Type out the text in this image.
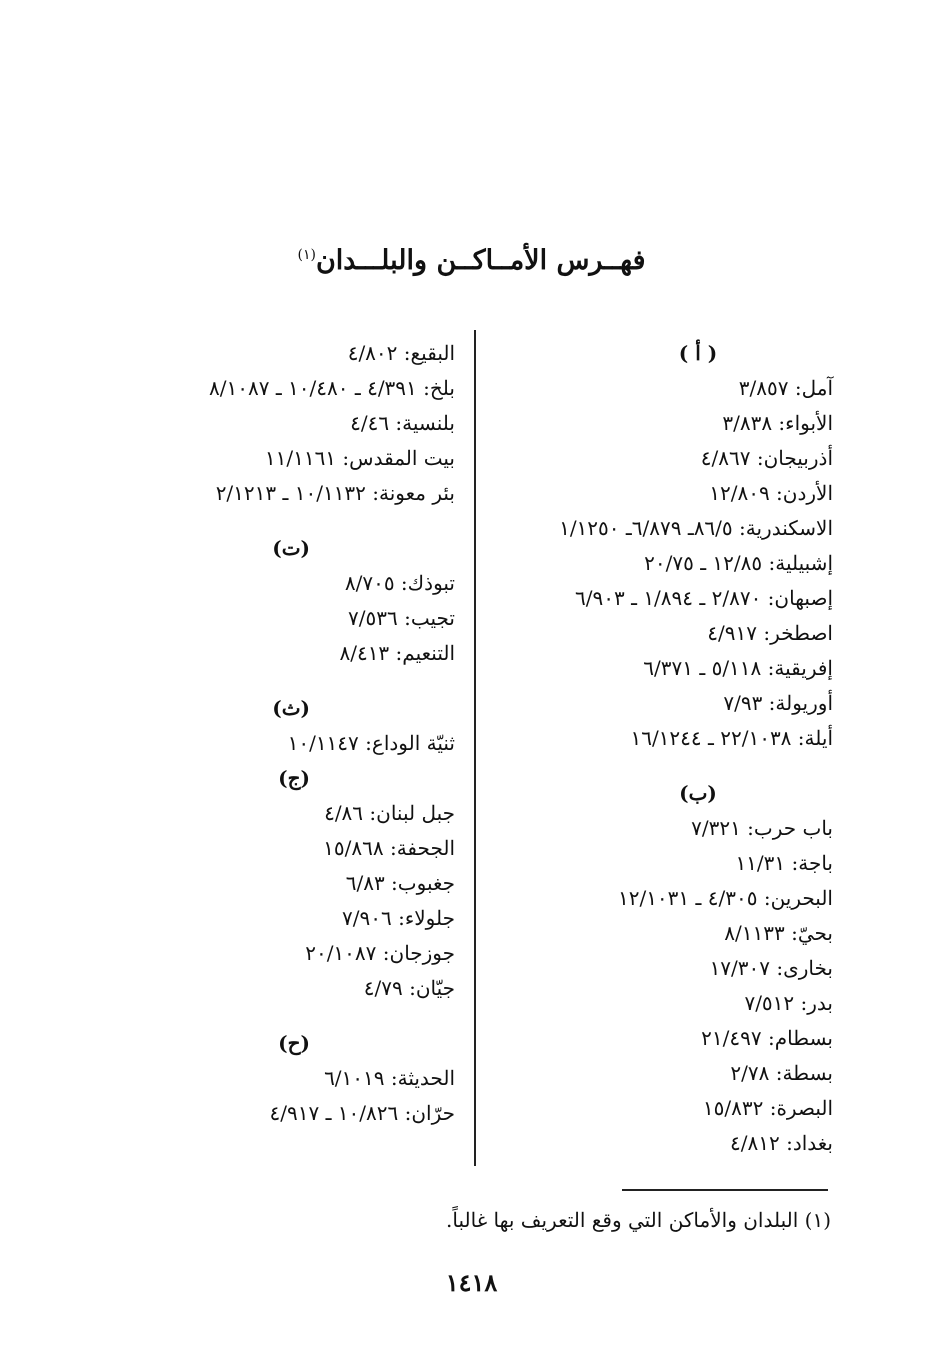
فهــرس الأمــاكــن والبلـــدان$^{(١)}$
( أ )
آمل: ٣/٨٥٧
الأبواء: ٣/٨٣٨
أذربيجان: ٤/٨٦٧
الأردن: ١٢/٨٠٩
الاسكندرية: ٨٦/٥ـ ٦/٨٧٩ـ ١/١٢٥٠
إشبيلية: ١٢/٨٥ ـ ٢٠/٧٥
إصبهان: ٢/٨٧٠ ـ ١/٨٩٤ ـ ٦/٩٠٣
اصطخر: ٤/٩١٧
إفريقية: ٥/١١٨ ـ ٦/٣٧١
أوريولة: ٧/٩٣
أيلة: ٢٢/١٠٣٨ ـ ١٦/١٢٤٤
(ب)
باب حرب: ٧/٣٢١
باجة: ١١/٣١
البحرين: ٤/٣٠٥ ـ ١٢/١٠٣١
بحيّ: ٨/١١٣٣
بخارى: ١٧/٣٠٧
بدر: ٧/٥١٢
بسطام: ٢١/٤٩٧
بسطة: ٢/٧٨
البصرة: ١٥/٨٣٢
بغداد: ٤/٨١٢
البقيع: ٤/٨٠٢
بلخ: ٤/٣٩١ ـ ١٠/٤٨٠ ـ ٨/١٠٨٧
بلنسية: ٤/٤٦
بيت المقدس: ١١/١١٦١
بئر معونة: ١٠/١١٣٢ ـ ٢/١٢١٣
(ت)
تبوذك: ٨/٧٠٥
تجيب: ٧/٥٣٦
التنعيم: ٨/٤١٣
(ث)
ثنيّة الوداع: ١٠/١١٤٧
(ج)
جبل لبنان: ٤/٨٦
الجحفة: ١٥/٨٦٨
جغبوب: ٦/٨٣
جلولاء: ٧/٩٠٦
جوزجان: ٢٠/١٠٨٧
جيّان: ٤/٧٩
(ح)
الحديثة: ٦/١٠١٩
حرّان: ١٠/٨٢٦ ـ ٤/٩١٧
(١) البلدان والأماكن التي وقع التعريف بها غالباً.
١٤١٨
